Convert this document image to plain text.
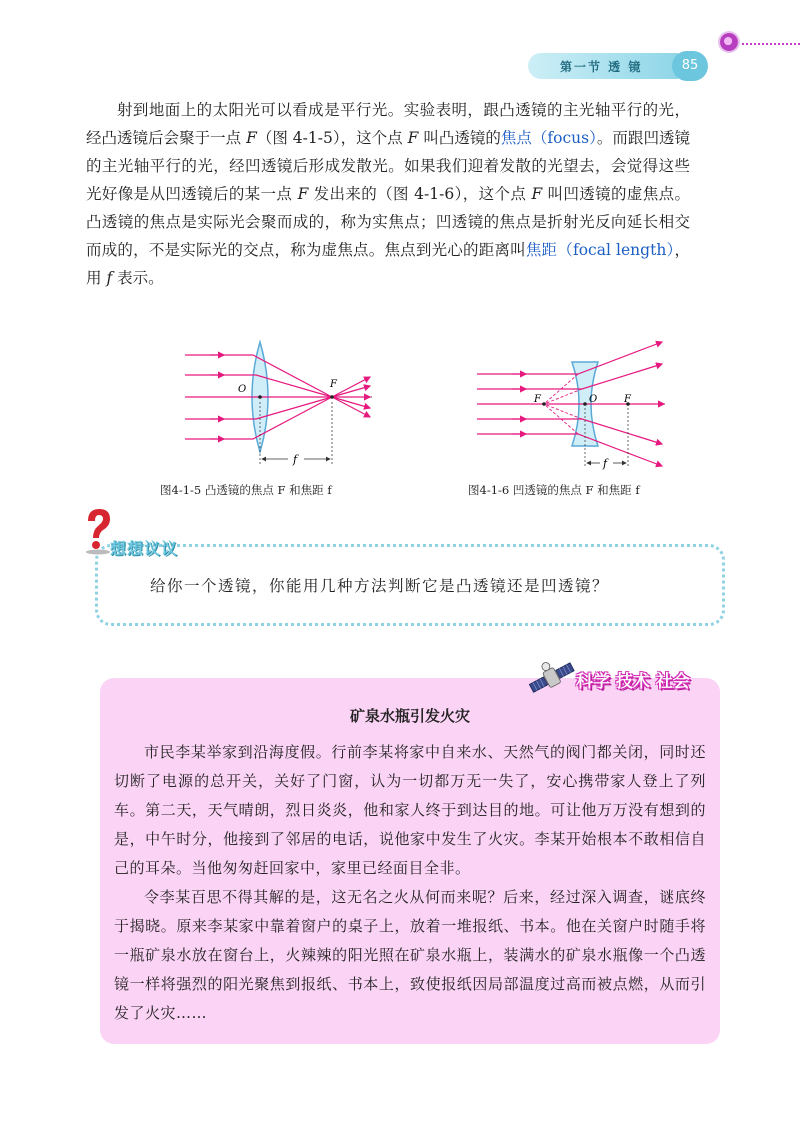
第一节 透 镜	85

射到地面上的太阳光可以看成是平行光。实验表明，跟凸透镜的主光轴平行的光，经凸透镜后会聚于一点 F（图 4-1-5），这个点 F 叫凸透镜的焦点（focus）。而跟凹透镜的主光轴平行的光，经凹透镜后形成发散光。如果我们迎着发散的光望去，会觉得这些光好像是从凹透镜后的某一点 F 发出来的（图 4-1-6），这个点 F 叫凹透镜的虚焦点。凸透镜的焦点是实际光会聚而成的，称为实焦点；凹透镜的焦点是折射光反向延长相交而成的，不是实际光的交点，称为虚焦点。焦点到光心的距离叫焦距（focal length），用 f 表示。

O	F
f
图4-1-5 凸透镜的焦点 F 和焦距 f
F	O	F
f
图4-1-6 凹透镜的焦点 F 和焦距 f
想想议议
给你一个透镜，你能用几种方法判断它是凸透镜还是凹透镜？
科学 技术 社会
矿泉水瓶引发火灾

市民李某举家到沿海度假。行前李某将家中自来水、天然气的阀门都关闭，同时还切断了电源的总开关，关好了门窗，认为一切都万无一失了，安心携带家人登上了列车。第二天，天气晴朗，烈日炎炎，他和家人终于到达目的地。可让他万万没有想到的是，中午时分，他接到了邻居的电话，说他家中发生了火灾。李某开始根本不敢相信自己的耳朵。当他匆匆赶回家中，家里已经面目全非。

令李某百思不得其解的是，这无名之火从何而来呢？后来，经过深入调查，谜底终于揭晓。原来李某家中靠着窗户的桌子上，放着一堆报纸、书本。他在关窗户时随手将一瓶矿泉水放在窗台上，火辣辣的阳光照在矿泉水瓶上，装满水的矿泉水瓶像一个凸透镜一样将强烈的阳光聚焦到报纸、书本上，致使报纸因局部温度过高而被点燃，从而引发了火灾……
